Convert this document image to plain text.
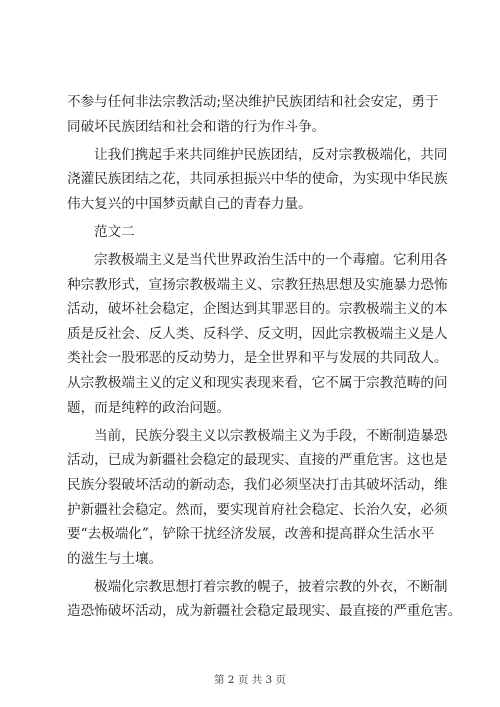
不参与任何非法宗教活动;坚决维护民族团结和社会安定，勇于
同破坏民族团结和社会和谐的行为作斗争。
让我们携起手来共同维护民族团结，反对宗教极端化，共同
浇灌民族团结之花，共同承担振兴中华的使命，为实现中华民族
伟大复兴的中国梦贡献自己的青春力量。
范文二
宗教极端主义是当代世界政治生活中的一个毒瘤。它利用各
种宗教形式，宣扬宗教极端主义、宗教狂热思想及实施暴力恐怖
活动，破坏社会稳定，企图达到其罪恶目的。宗教极端主义的本
质是反社会、反人类、反科学、反文明，因此宗教极端主义是人
类社会一股邪恶的反动势力，是全世界和平与发展的共同敌人。
从宗教极端主义的定义和现实表现来看，它不属于宗教范畴的问
题，而是纯粹的政治问题。
当前，民族分裂主义以宗教极端主义为手段，不断制造暴恐
活动，已成为新疆社会稳定的最现实、直接的严重危害。这也是
民族分裂破坏活动的新动态，我们必须坚决打击其破坏活动，维
护新疆社会稳定。然而，要实现首府社会稳定、长治久安，必须
要“去极端化”，铲除干扰经济发展，改善和提高群众生活水平
的滋生与土壤。
极端化宗教思想打着宗教的幌子，披着宗教的外衣，不断制
造恐怖破坏活动，成为新疆社会稳定最现实、最直接的严重危害。
第 2 页 共 3 页
